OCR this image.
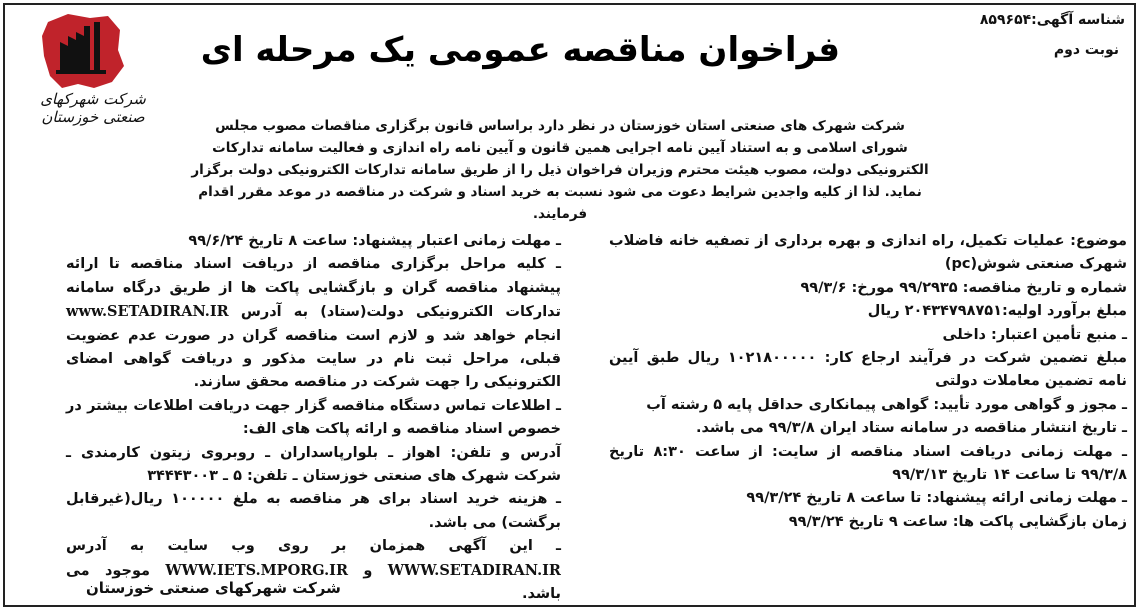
شناسه آگهی:۸۵۹۶۵۴
نوبت دوم
فراخوان مناقصه عمومی یک مرحله ای
شرکت شهرکهای صنعتی خوزستان	شرکت شهرک های صنعتی استان خوزستان در نظر دارد براساس قانون برگزاری مناقصات مصوب مجلس شورای اسلامی و به استناد آیین نامه اجرایی همین قانون و آیین نامه راه اندازی و فعالیت سامانه تدارکات الکترونیکی دولت، مصوب هیئت محترم وزیران فراخوان ذیل را از طریق سامانه تدارکات الکترونیکی دولت برگزار نماید. لذا از کلیه واجدین شرایط دعوت می شود نسبت به خرید اسناد و شرکت در مناقصه در موعد مقرر اقدام فرمایند.

موضوع: عملیات تکمیل، راه اندازی و بهره برداری از تصفیه خانه فاضلاب شهرک صنعتی شوش(pc)

شماره و تاریخ مناقصه: ۹۹/۲۹۳۵ مورخ: ۹۹/۳/۶

مبلغ برآورد اولیه:۲۰۴۳۴۷۹۸۷۵۱ ریال

ـ منبع تأمین اعتبار: داخلی

مبلغ تضمین شرکت در فرآیند ارجاع کار: ۱۰۲۱۸۰۰۰۰۰ ریال طبق آیین نامه تضمین معاملات دولتی

ـ مجوز و گواهی مورد تأیید: گواهی پیمانکاری حداقل پایه ۵ رشته آب

ـ تاریخ انتشار مناقصه در سامانه ستاد ایران ۹۹/۳/۸ می باشد.

ـ مهلت زمانی دریافت اسناد مناقصه از سایت: از ساعت ۸:۳۰ تاریخ ۹۹/۳/۸ تا ساعت ۱۴ تاریخ ۹۹/۳/۱۳

ـ مهلت زمانی ارائه پیشنهاد: تا ساعت ۸ تاریخ ۹۹/۳/۲۴

زمان بازگشایی پاکت ها: ساعت ۹ تاریخ ۹۹/۳/۲۴

ـ مهلت زمانی اعتبار پیشنهاد: ساعت ۸ تاریخ ۹۹/۶/۲۴

ـ کلیه مراحل برگزاری مناقصه از دریافت اسناد مناقصه تا ارائه پیشنهاد مناقصه گران و بازگشایی پاکت ها از طریق درگاه سامانه تدارکات الکترونیکی دولت(ستاد) به آدرس www.SETADIRAN.IR انجام خواهد شد و لازم است مناقصه گران در صورت عدم عضویت قبلی، مراحل ثبت نام در سایت مذکور و دریافت گواهی امضای الکترونیکی را جهت شرکت در مناقصه محقق سازند.

ـ اطلاعات تماس دستگاه مناقصه گزار جهت دریافت اطلاعات بیشتر در خصوص اسناد مناقصه و ارائه پاکت های الف:

آدرس و تلفن: اهواز ـ بلوارپاسداران ـ روبروی زیتون کارمندی ـ شرکت شهرک های صنعتی خوزستان ـ تلفن: ۵ ـ ۳۴۴۴۳۰۰۳

ـ هزینه خرید اسناد برای هر مناقصه به ملغ ۱۰۰۰۰۰ ریال(غیرقابل برگشت) می باشد.

ـ این آگهی همزمان بر روی وب سایت به آدرس WWW.SETADIRAN.IR و WWW.IETS.MPORG.IR موجود می باشد.

شرکت شهرکهای صنعتی خوزستان
